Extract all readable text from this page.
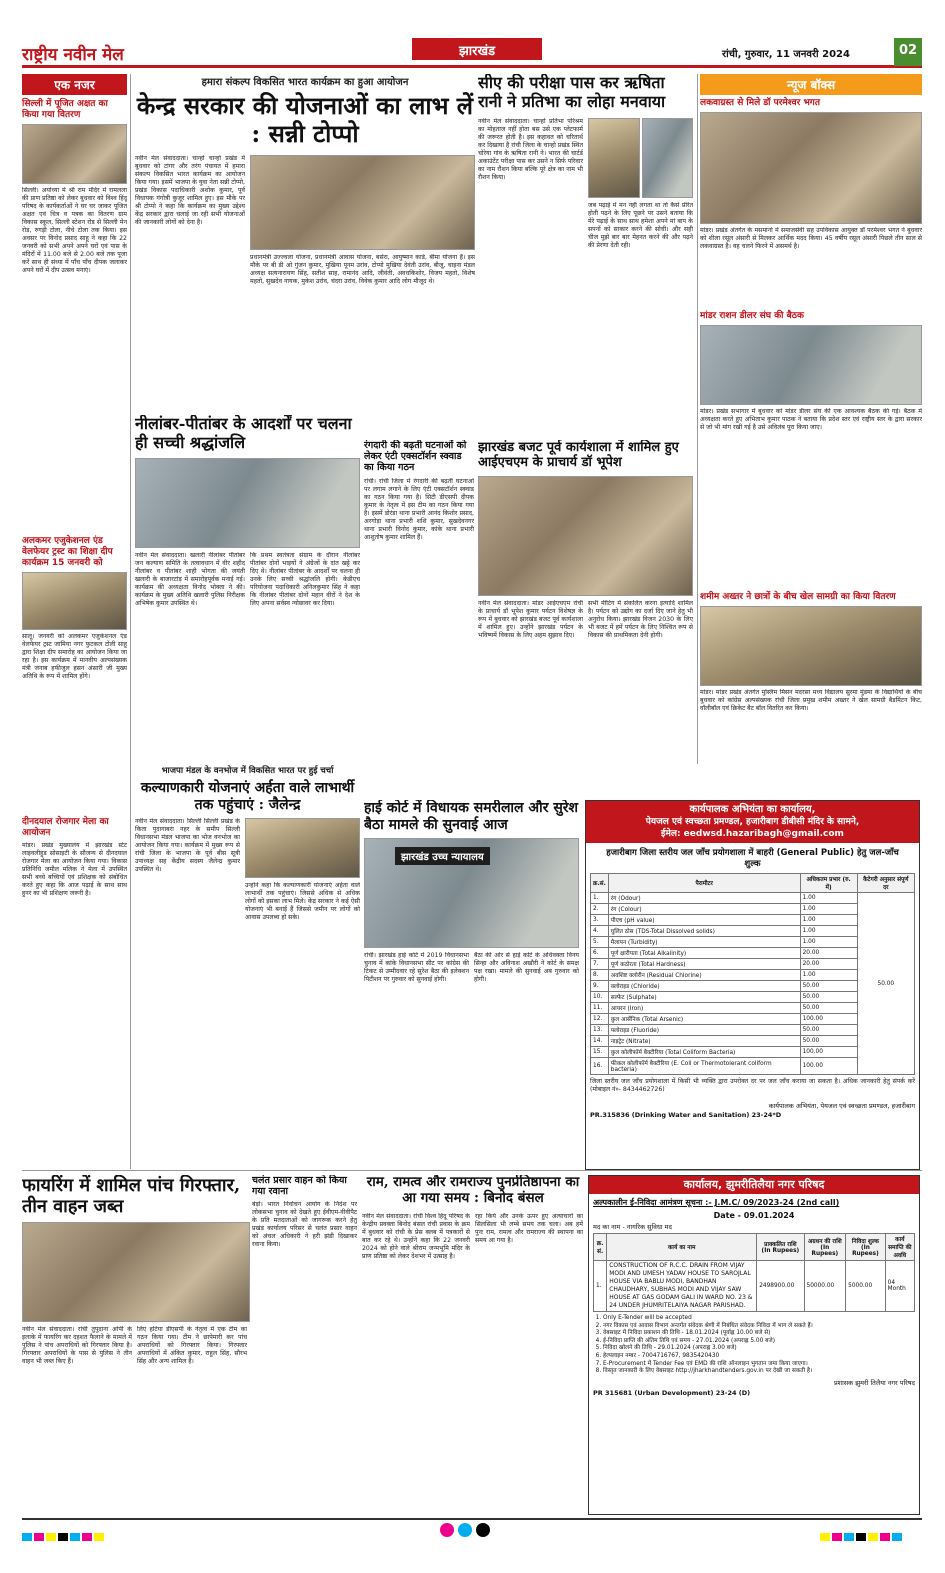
राष्ट्रीय नवीन मेल	झारखंड	रांची, गुरुवार, 11 जनवरी 2024	02
एक नजर
सिल्ली में पूजित अक्षत का किया गया वितरण
सिल्ली। अयोध्या में श्री राम मंदिर में रामलला की प्राण प्रतिष्ठा को लेकर बुधवार को विश्व हिंदू परिषद के कार्यकर्ताओं ने घर घर जाकर पूजित अक्षत एवं चित्र व पत्रक का वितरण ग्राम विकास स्कूल, सिल्ली स्टेशन रोड से सिल्ली मेन रोड, रुगड़ी टोला, नीचे टोला तक किया। इस अवसर पर विनोद प्रसाद साहू ने कहा कि 22 जनवरी को सभी अपने अपने घरों एवं पास के मंदिरों में 11.00 बजे से 2.00 बजे तक पूजा करें साथ ही संध्या में पाँच पाँच दीपक जलाकर अपने घरों में दीप उत्सव मनाएं।
अलकमर एजुकेशनल एंड वेलफेयर ट्रस्ट का शिक्षा दीप कार्यक्रम 15 जनवरी को
सालू। जनवरी को अलकमर एजुकेशनल एंड वेलफेयर ट्रस्ट जामिया नगर फुटकल टोली साहू द्वारा शिक्षा दीप समारोह का आयोजन किया जा रहा है। इस कार्यक्रम में मानवीय अल्पसंख्यक मंत्री जनाब हफीजुल हसन अंसारी जी मुख्य अतिथि के रूप में शामिल होंगे।
दीनदयाल रोजगार मेला का आयोजन
मांडर। प्रखंड मुख्यालय में झारखंड स्टेट लाइवलीहुड सोसाइटी के सौजन्य से दीनदयाल रोजगार मेला का आयोजन किया गया। विकास प्रतिनिधि जमील मलिक ने मेला में उपस्थित सभी बच्चे बच्चियों एवं प्रशिक्षक को संबोधित करते हुए कहा कि आज पढ़ाई के साथ साथ हुनर का भी प्रशिक्षण जरूरी है।
हमारा संकल्प विकसित भारत कार्यक्रम का हुआ आयोजन
केन्द्र सरकार की योजनाओं का लाभ लें : सन्नी टोप्पो
नवीन मेल संवाददाता। चान्हो चान्हो प्रखंड में बुधवार को टांगर और तरंग पंचायत में हमारा संकल्प विकसित भारत कार्यक्रम का आयोजन किया गया। इसमें भाजपा के युवा नेता सन्नी टोप्पो, प्रखंड विकास पदाधिकारी अशोक कुमार, पूर्व विधायक गंगोत्री कुजूर शामिल हुए। इस मौके पर श्री टोप्पो ने कहा कि कार्यक्रम का मुख्य उद्देश्य केंद्र सरकार द्वारा चलाई जा रही सभी योजनाओं की जानकारी लोगों को देना है।
प्रधानमंत्री उज्ज्वला योजना, प्रधानमंत्री आवास योजना, बसेरा, आयुष्मान कार्ड, बीमा योजना हैं। इस मौके पर बी डी ओ गुंजन कुमार, मुखिया पूनम उरांव, टोप्पो मुखिया देवंती उरांव, बीजू, चाइना मंडल अध्यक्ष सत्यनारायण सिंह, सतीश साह, रामानंद आदि, जीवंती, अवधकिशोर, विजय महतो, विशेष महतो, सुखदेव नायक, मुकेश उरांव, चंदरा उरांव, विवेक कुमार आदि लोग मौजूद थे।
सीए की परीक्षा पास कर ऋषिता रानी ने प्रतिभा का लोहा मनवाया
नवीन मेल संवाददाता। चान्हो प्रतिभा परिश्रम का मोहताज नहीं होता बस उसे एक प्लेटफार्म की जरूरत होती है। इस कहावत को चरितार्थ कर दिखाया है रांची जिला के चान्हो प्रखंड स्थित चोरेया गांव के ऋषिता रानी ने। भारत की चार्टर्ड अकाउंटेंट परीक्षा पास कर उसने न सिर्फ परिवार का नाम रौशन किया बल्कि पूरे क्षेत्र का नाम भी रौशन किया।
जब पढ़ाई में मन नहीं लगता था तो कैसे प्रेरित होती पढ़ने के लिए पूछने पर उसने बताया कि मेरे पढ़ाई के साथ साथ हमेशा अपने मां बाप के सपनों को साकार करने की सोची। और सही चीज मुझे बार बार मेहनत करने की और पढ़ने की प्रेरणा देती रही।
न्यूज बॉक्स
लकवाग्रस्त से मिले डॉ परमेश्वर भगत
मांडर। प्रखंड अंतर्गत के मसमानो में समाजसेवी सह उपविकास आयुक्त डॉ परमेश्वर भगत ने बुधवार को शीला रसूल अंसारी से मिलकर आर्थिक मदद किया। 45 वर्षीय रसूल अंसारी पिछले तीन साल से लकवाग्रस्त है। वह चलने फिरने में असमर्थ है।
मांडर राशन डीलर संघ की बैठक
मांडर। प्रखंड सभागार में बुधवार को मांडर डीलर संघ की एक आवश्यक बैठक की गई। बैठक में अध्यक्षता करते हुए अभिताभ कुमार पाठक ने बताया कि प्रदेश स्तर एवं राष्ट्रीय स्तर के द्वारा सरकार से जो भी मांग रखी गई है उसे अविलंब पूरा किया जाए।
शमीम अख्तर ने छात्रों के बीच खेल सामग्री का किया वितरण
मांडर। मांडर प्रखंड अंतर्गत मुस्लिम मिसन मदरसा मध्य विद्यालय सुरमा मुंडमा के विद्यार्थियों के बीच बुधवार को कांग्रेस अल्पसंख्यक रांची जिला प्रमुख शमीम अख्तर ने खेल सामग्री बैडमिंटन किट, वॉलीबॉल एवं क्रिकेट बैट बॉल वितरित कर किया।
नीलांबर-पीतांबर के आदर्शों पर चलना ही सच्ची श्रद्धांजलि
नवीन मेल संवाददाता। खलारी नीलांबर पीतांबर जन कल्याण समिति के तत्वावधान में वीर शहीद नीलांबर व पीतांबर शाही भोगता की जयंती खलारी के बाजारटांड़ में समारोहपूर्वक मनाई गई। कार्यक्रम की अध्यक्षता विनोद भोक्ता ने की। कार्यक्रम के मुख्य अतिथि खलारी पुलिस निरीक्षक अभिषेक कुमार उपस्थित थे।
कि प्रथम स्वतंत्रता संग्राम के दौरान नीलांबर पीतांबर दोनों भाइयों ने अंग्रेजों के दांत खट्टे कर दिए थे। नीलांबर पीतांबर के आदर्शों पर चलना ही उनके लिए सच्ची श्रद्धांजलि होगी। केडीएच परियोजना पदाधिकारी अनिलकुमार सिंह ने कहा कि नीलांबर पीतांबर दोनों महान वीरों ने देश के लिए अपना सर्वस्व न्योछावर कर दिया।
रंगदारी की बढ़ती घटनाओं को लेकर एंटी एक्सटॉर्शन स्क्वाड का किया गठन
रांची। रांची जिला में रंगदारी की बढ़ती घटनाओं पर लगाम लगाने के लिए एंटी एक्सटॉर्शन स्क्वाड का गठन किया गया है। सिटी डीएसपी दीपक कुमार के नेतृत्व में इस टीम का गठन किया गया है। इसमें डोरंडा थाना प्रभारी आनंद किशोर प्रसाद, अरगोड़ा थाना प्रभारी शशि कुमार, सुखदेवनगर थाना प्रभारी विनोद कुमार, कांके थाना प्रभारी आशुतोष कुमार शामिल हैं।
झारखंड बजट पूर्व कार्यशाला में शामिल हुए आईएचएम के प्राचार्य डॉ भूपेश
नवीन मेल संवाददाता। मांडर आईएचएम रांची के प्राचार्य डॉ भूपेश कुमार पर्यटन विशेषज्ञ के रूप में बुधवार को झारखंड बजट पूर्व कार्यशाला में शामिल हुए। उन्होंने झारखंड पर्यटन के भविष्यमें विकास के लिए अहम सुझाव दिए।
सभी मीटिंग में संकलित करना इत्यादि शामिल है। पर्यटन को उद्योग का दर्जा दिए जाने हेतु भी अनुरोध किया। झारखंड विजन 2030 के लिए भी बजट में हमें पर्यटन के लिए निश्चित रूप से विकास की प्राथमिकता देनी होगी।
भाजपा मंडल के वनभोज में विकसित भारत पर हुई चर्चा
कल्याणकारी योजनाएं अर्हता वाले लाभार्थी तक पहुंचाएं : जैलेन्द्र
नवीन मेल संवाददाता। सिल्ली सिल्ली प्रखंड के किता पुदागाबरा नहर के समीप सिल्ली विधानसभा मंडल भाजपा का भोज वनभोज का आयोजन किया गया। कार्यक्रम में मुख्य रूप से रांची जिला के भाजपा के पूर्व बीस सूत्री उपाध्यक्ष सह केंद्रीय सदस्य जैलेन्द्र कुमार उपस्थित थे।
उन्होंने कहा कि कल्याणकारी योजनाएं अर्हता वाले लाभार्थी तक पहुंचाएं। जिससे अधिक से अधिक लोगों को इसका लाभ मिले। केंद्र सरकार ने कई ऐसी योजनाएं भी बनाई हैं जिससे जमीन पर लोगों को आवास उपलब्ध हो सके।
हाई कोर्ट में विधायक समरीलाल और सुरेश बैठा मामले की सुनवाई आज
झारखंड उच्च न्यायालय
रांची। झारखंड हाई कोर्ट में 2019 विधानसभा चुनाव में कांके विधानसभा सीट पर कांग्रेस की टिकट से उम्मीदवार रहे सुरेश बैठा की इलेक्शन पिटीशन पर गुरुवार को सुनवाई होगी।
बैठा की ओर से हाई कोर्ट के अधिवक्ता विनय सिन्हा और अविनाश अखौरी ने कोर्ट के समक्ष पक्ष रखा। मामले की सुनवाई अब गुरुवार को होगी।
कार्यपालक अभियंता का कार्यालय,
पेयजल एवं स्वच्छता प्रमण्डल, हजारीबाग डीबीसी मंदिर के सामने,
ईमेल: eedwsd.hazaribagh@gmail.com
हजारीबाग जिला स्तरीय जल जाँच प्रयोगशाला में बाहरी (General Public) हेतु जल-जाँच शुल्क
क्र.सं.	पैरामीटर	अधिकतम प्रभार (रु. में)	कैटेगरी अनुसार संपूर्ण दर
1.	रंग (Odour)	1.00	50.00
2.	रंग (Colour)	1.00	
3.	पीएच (pH value)	1.00	
4.	घुलित ठोस (TDS-Total Dissolved solids)	1.00	
5.	मैलापन (Turbidity)	1.00	
6.	पूर्ण क्षारीयता (Total Alkalinity)	20.00	
7.	पूर्ण कठोरता (Total Hardness)	20.00	
8.	अवशिष्ट क्लोरीन (Residual Chlorine)	1.00	
9.	क्लोराइड (Chloride)	50.00	
10.	सल्फेट (Sulphate)	50.00	
11.	आयरन (Iron)	50.00	
12.	कुल आर्सेनिक (Total Arsenic)	100.00	
13.	फ्लोराइड (Fluoride)	50.00	
14.	नाइट्रेट (Nitrate)	50.00	
15.	कुल कोलीफॉर्म बैक्टीरिया (Total Coliform Bacteria)	100.00	
16.	फीकल कोलीफॉर्म बैक्टीरिया (E. Coli or Thermotolerant coliform bacteria)	100.00	
जिला स्तरीय जल जाँच प्रयोगशाला में किसी भी व्यक्ति द्वारा उपरोक्त दर पर जल जाँच कराया जा सकता है। अधिक जानकारी हेतु संपर्क करें (मोबाइल नं०- 8434462726)
कार्यपालक अभियंता, पेयजल एवं स्वच्छता प्रमण्डल, हजारीबाग
PR.315836 (Drinking Water and Sanitation) 23-24*D
फायरिंग में शामिल पांच गिरफ्तार, तीन वाहन जब्त
नवीन मेल संवाददाता। रांची तुपुदाना ओपी के इलाके में फायरिंग कर दहशत फैलाने के मामले में पुलिस ने पांच अपराधियों को गिरफ्तार किया है। गिरफ्तार अपराधियों के पास से पुलिस ने तीन वाहन भी जब्त किए हैं।
लिए हटिया डीएसपी के नेतृत्व में एक टीम का गठन किया गया। टीम ने छापेमारी कर पांच अपराधियों को गिरफ्तार किया। गिरफ्तार अपराधियों में अंकित कुमार, राहुल सिंह, सौरभ सिंह और अन्य शामिल हैं।
चलंत प्रसार वाहन को किया गया रवाना
बेड़ो। भारत निर्वाचन आयोग के निर्देश पर लोकसभा चुनाव को देखते हुए ईवीएम-वीवीपैट के प्रति मतदाताओं को जागरूक करने हेतु प्रखंड कार्यालय परिसर से चलंत प्रसार वाहन को अंचल अधिकारी ने हरी झंडी दिखाकर रवाना किया।
राम, रामत्व और रामराज्य पुनर्प्रतिष्ठापना का आ गया समय : बिनोद बंसल
नवीन मेल संवाददाता। रांची विश्व हिंदू परिषद के केन्द्रीय प्रवक्ता बिनोद बंसल रांची प्रवास के क्रम में बुधवार को रांची के प्रेस क्लब में पत्रकारों से बात कर रहे थे। उन्होंने कहा कि 22 जनवरी 2024 को होने वाले श्रीराम जन्मभूमि मंदिर के प्राण प्रतिष्ठा को लेकर देशभर में उत्साह है।
रहा किये और उनके ऊपर हुए अत्याचारों का सिलसिला भी लम्बे समय तक चला। अब हमें पुनः राम, रामत्व और रामराज्य की स्थापना का समय आ गया है।
कार्यालय, झुमरीतिलैया नगर परिषद
अल्पकालीन ई-निविदा आमंत्रण सूचना :- J.M.C/ 09/2023-24 (2nd call)
Date - 09.01.2024
मद का नाम - नागरिक सुविधा मद
क्र. सं.	कार्य का नाम	प्राक्कलित राशि (In Rupees)	अग्रधन की राशि (In Rupees)	निविदा शुल्क (In Rupees)	कार्य समाप्ति की अवधि
1.	CONSTRUCTION OF R.C.C. DRAIN FROM VIJAY MODI AND UMESH YADAV HOUSE TO SAROJLAL HOUSE VIA BABLU MODI, BANDHAN CHAUDHARY, SUBHAS MODI AND VIJAY SAW HOUSE AT GAS GODAM GALI IN WARD NO. 23 & 24 UNDER JHUMRITELAIYA NAGAR PARISHAD.	2498900.00	50000.00	5000.00	04 Month
1. Only E-Tender will be accepted
2. नगर विकास एवं आवास विभाग अन्तर्गत संवेदक श्रेणी में निबंधित संवेदक निविदा में भाग ले सकते हैं।
3. वेबसाइट में निविदा प्रकाशन की तिथि - 18.01.2024 (पूर्वाह्न 10.00 बजे से)
4. ई-निविदा प्राप्ति की अंतिम तिथि एवं समय - 27.01.2024 (अपराह्न 5.00 बजे)
5. निविदा खोलने की तिथि - 29.01.2024 (अपराह्न 3.00 बजे)
6. हेल्पलाइन नम्बर - 7004716767, 9835420430
7. E-Procurement में Tender Fee एवं EMD की राशि ऑनलाइन भुगतान जमा किया जाएगा।
8. विस्तृत जानकारी के लिए वेबसाइट http://jharkhandtenders.gov.in पर देखी जा सकती है।
प्रशासक झुमरी तिलैया नगर परिषद
PR 315681 (Urban Development) 23-24 (D)
